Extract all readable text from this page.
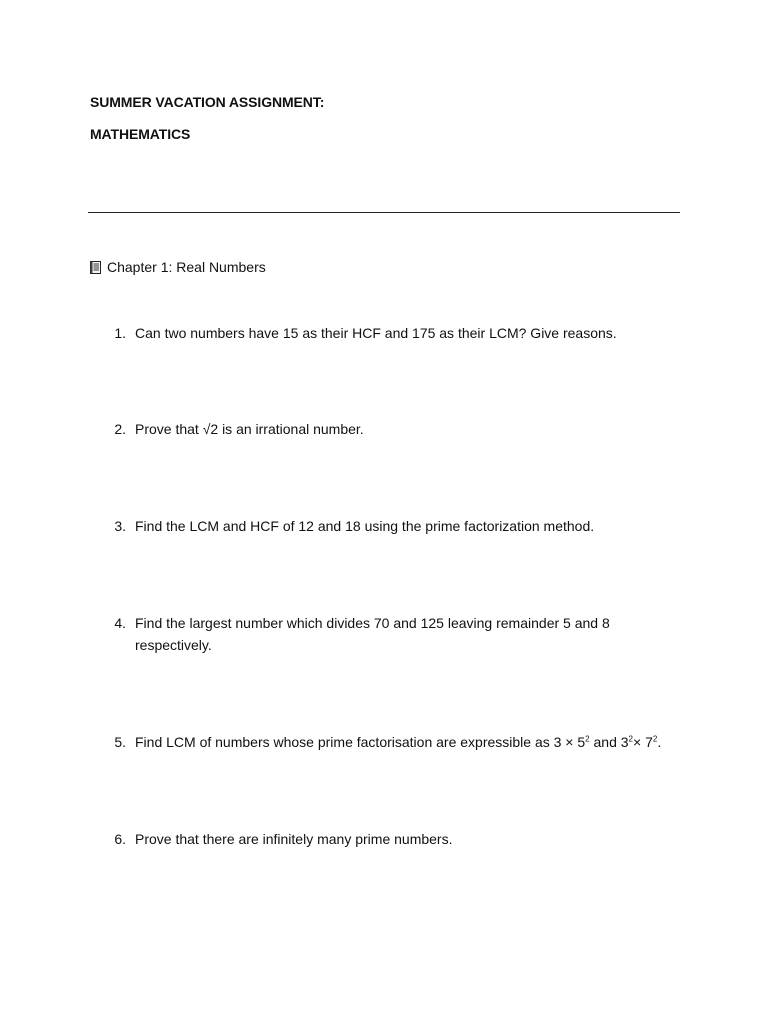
SUMMER VACATION ASSIGNMENT:
MATHEMATICS
Chapter 1: Real Numbers
1. Can two numbers have 15 as their HCF and 175 as their LCM? Give reasons.
2. Prove that √2 is an irrational number.
3. Find the LCM and HCF of 12 and 18 using the prime factorization method.
4. Find the largest number which divides 70 and 125 leaving remainder 5 and 8 respectively.
5. Find LCM of numbers whose prime factorisation are expressible as $3 \times 5^2$ and $3^2\times 7^2$.
6. Prove that there are infinitely many prime numbers.
